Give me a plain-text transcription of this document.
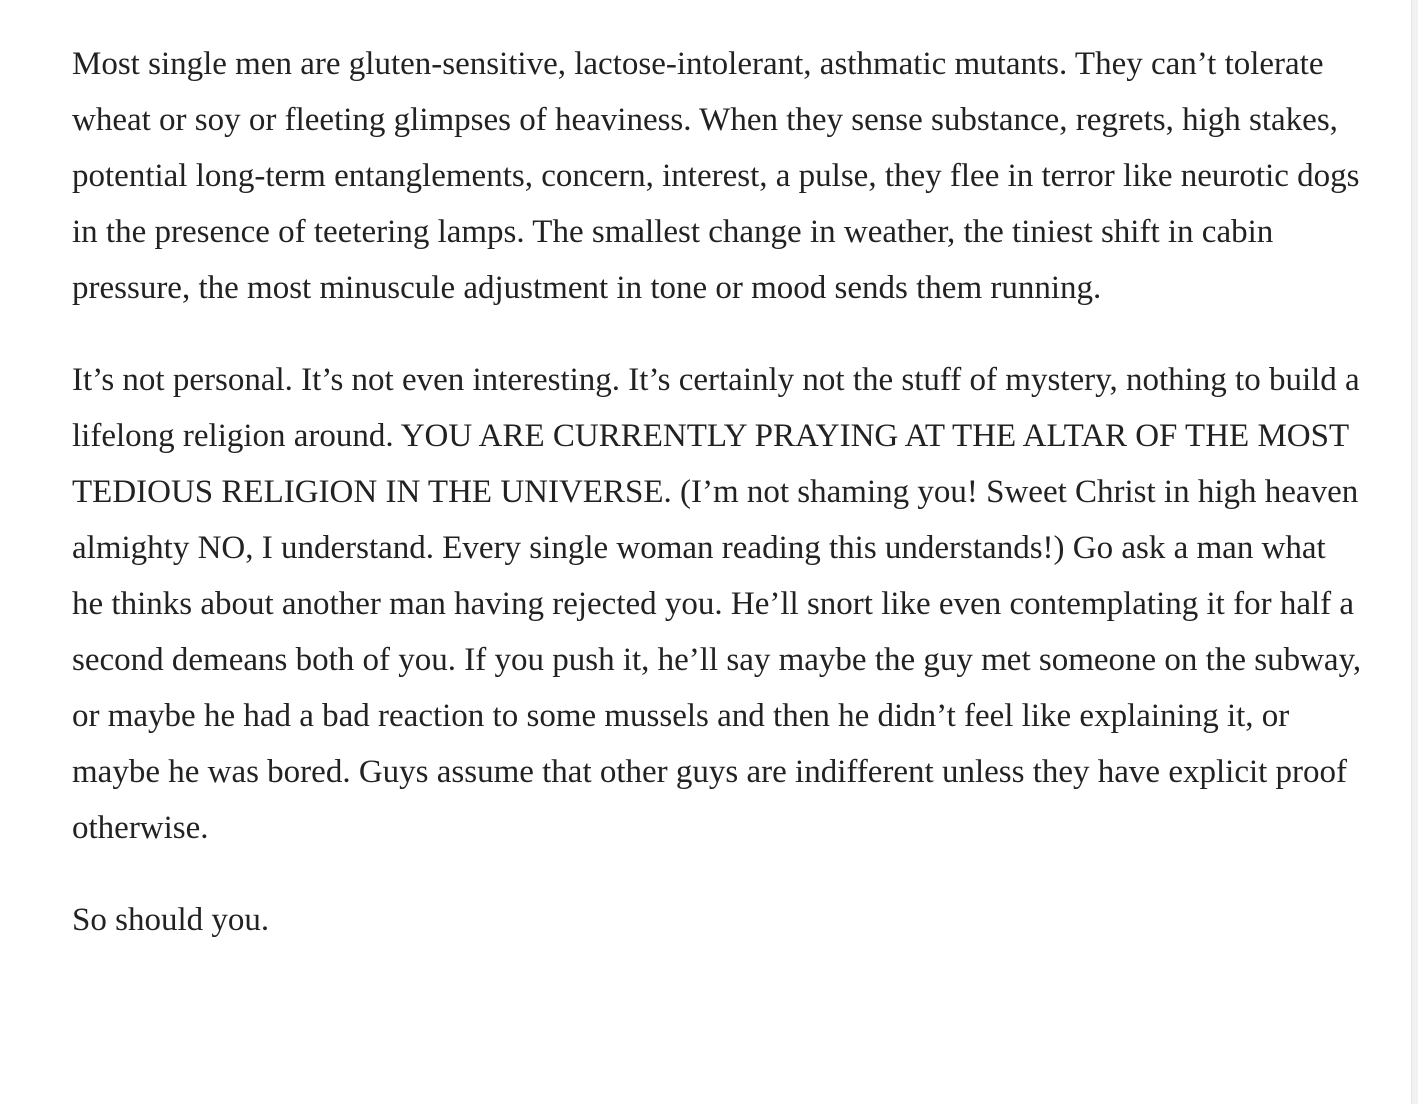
Most single men are gluten-sensitive, lactose-intolerant, asthmatic mutants. They can’t tolerate wheat or soy or fleeting glimpses of heaviness. When they sense substance, regrets, high stakes, potential long-term entanglements, concern, interest, a pulse, they flee in terror like neurotic dogs in the presence of teetering lamps. The smallest change in weather, the tiniest shift in cabin pressure, the most minuscule adjustment in tone or mood sends them running.

It’s not personal. It’s not even interesting. It’s certainly not the stuff of mystery, nothing to build a lifelong religion around. YOU ARE CURRENTLY PRAYING AT THE ALTAR OF THE MOST TEDIOUS RELIGION IN THE UNIVERSE. (I’m not shaming you! Sweet Christ in high heaven almighty NO, I understand. Every single woman reading this understands!) Go ask a man what he thinks about another man having rejected you. He’ll snort like even contemplating it for half a second demeans both of you. If you push it, he’ll say maybe the guy met someone on the subway, or maybe he had a bad reaction to some mussels and then he didn’t feel like explaining it, or maybe he was bored. Guys assume that other guys are indifferent unless they have explicit proof otherwise.

So should you.
